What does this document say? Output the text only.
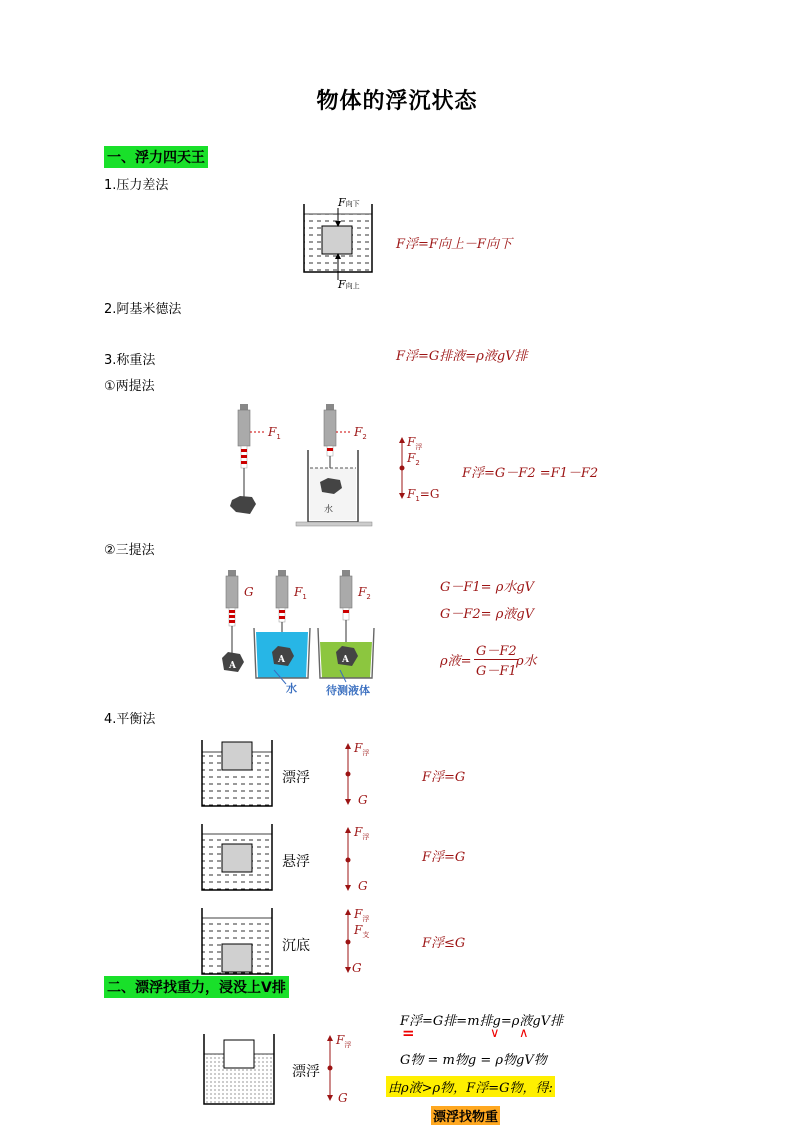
物体的浮沉状态
一、浮力四天王
1.压力差法
F向下
F向上
F浮=F向上－F向下
2.阿基米德法
3.称重法	F浮=G排液=ρ液gV排
①两提法
$F_1$	$F_2$
水
$F_浮$
$F_2$
$F_1=G$
F浮=G－F2 =F1－F2
②三提法
A
G	$F_1$
A
水
$F_2$
A
待测液体
G－F1= ρ水gV
G－F2= ρ液gV
ρ液=
G－F2
G－F1
ρ水
4.平衡法
漂浮
$F_浮$
G
F浮=G
悬浮
$F_浮$
G
F浮=G
沉底
$F_浮$
$F_支$
G
F浮≤G
二、漂浮找重力，浸没上V排
漂浮
$F_浮$
G
F浮=G排=m排g=ρ液gV排
=	∨ ∧
G物 = m物g = ρ物gV物
由ρ液>ρ物，F浮=G物，得:
漂浮找物重
